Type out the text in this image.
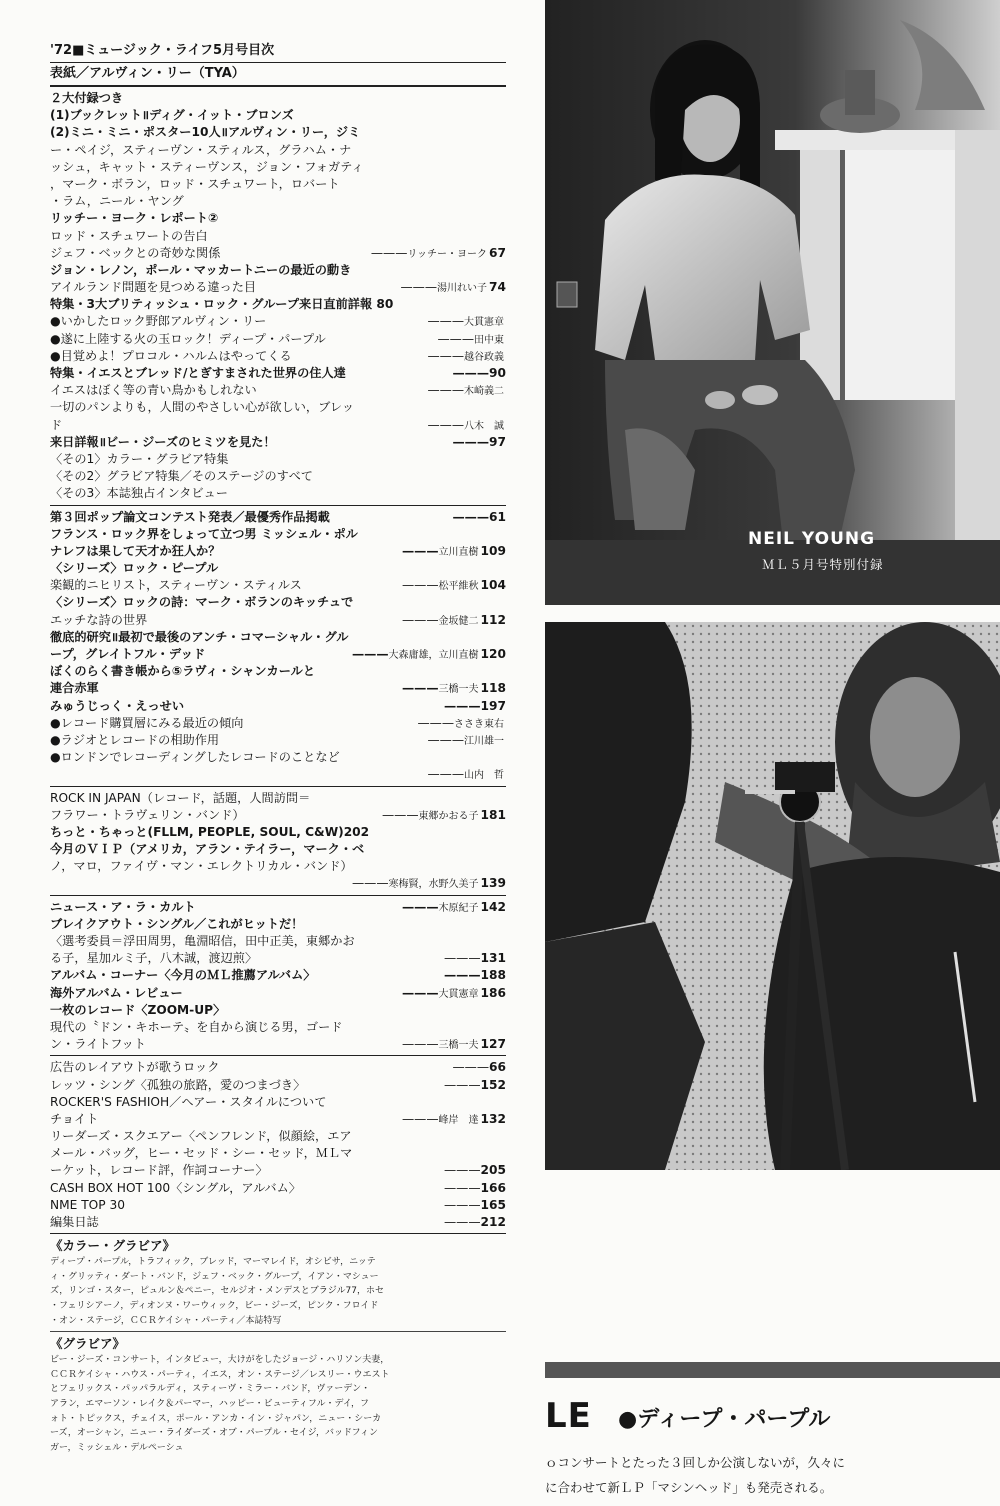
'72■ミュージック・ライフ5月号目次
表紙／アルヴィン・リー（TYA）
２大付録つき
(1)ブックレット॥ディグ・イット・ブロンズ
(2)ミニ・ミニ・ポスター10人॥アルヴィン・リー，ジミ
ー・ペイジ，スティーヴン・スティルス，グラハム・ナ
ッシュ，キャット・スティーヴンス，ジョン・フォガティ
，マーク・ボラン，ロッド・スチュワート，ロバート
・ラム，ニール・ヤング
リッチー・ヨーク・レポート②
ロッド・スチュワートの告白
ジェフ・ベックとの奇妙な関係	———リッチー・ヨーク 67
ジョン・レノン，ポール・マッカートニーの最近の動き
アイルランド問題を見つめる違った目	———湯川れい子 74
特集・3大ブリティッシュ・ロック・グループ来日直前詳報 80
●いかしたロック野郎アルヴィン・リー	———大貫憲章
●遂に上陸する火の玉ロック！ディープ・パープル	———田中東
●目覚めよ！プロコル・ハルムはやってくる	———越谷政義
特集・イエスとブレッド/とぎすまされた世界の住人達	———90
イエスはぼく等の青い鳥かもしれない	———木崎義二
一切のパンよりも，人間のやさしい心が欲しい，ブレッ
ド	———八木　誠
来日詳報॥ビー・ジーズのヒミツを見た！	———97
〈その1〉カラー・グラビア特集
〈その2〉グラビア特集／そのステージのすべて
〈その3〉本誌独占インタビュー
第３回ポップ論文コンテスト発表／最優秀作品掲載	———61
フランス・ロック界をしょって立つ男 ミッシェル・ポル
ナレフは果して天才か狂人か？	———立川直樹 109
〈シリーズ〉ロック・ピープル
楽観的ニヒリスト，スティーヴン・スティルス	———松平維秋 104
〈シリーズ〉ロックの詩：マーク・ボランのキッチュで
エッチな詩の世界	———金坂健二 112
徹底的研究॥最初で最後のアンチ・コマーシャル・グル
ープ，グレイトフル・デッド	———大森庸雄，立川直樹 120
ぼくのらく書き帳から⑤ラヴィ・シャンカールと
連合赤軍	———三橋一夫 118
みゅうじっく・えっせい	———197
●レコード購買層にみる最近の傾向	———ささき東右
●ラジオとレコードの相助作用	———江川雄一
●ロンドンでレコーディングしたレコードのことなど
———山内　哲
ROCK IN JAPAN（レコード，話題，人間訪問＝
フラワー・トラヴェリン・バンド）	———東郷かおる子 181
ちっと・ちゃっと(FLLM, PEOPLE, SOUL, C&W)202
今月のＶＩＰ（アメリカ，アラン・テイラー，マーク・ベ
ノ，マロ，ファイヴ・マン・エレクトリカル・バンド）
———寒梅賢，水野久美子 139
ニュース・ア・ラ・カルト	———木原紀子 142
ブレイクアウト・シングル／これがヒットだ！
〈選考委員＝浮田周男，亀淵昭信，田中正美，東郷かお
る子，星加ルミ子，八木誠，渡辺煎〉	———131
アルバム・コーナー〈今月のＭＬ推薦アルバム〉	———188
海外アルバム・レビュー	———大貫憲章 186
一枚のレコード〈ZOOM-UP〉
現代の〝ドン・キホーテ〟を自から演じる男，ゴード
ン・ライトフット	———三橋一夫 127
広告のレイアウトが歌うロック	———66
レッツ・シング〈孤独の旅路，愛のつまづき〉	———152
ROCKER'S FASHIOH／ヘアー・スタイルについて
チョイト	———峰岸　達 132
リーダーズ・スクエアー〈ペンフレンド，似顔絵，エア
メール・バッグ，ヒー・セッド・シー・セッド，ＭＬマ
ーケット，レコード評，作詞コーナー〉	———205
CASH BOX HOT 100〈シングル，アルバム〉	———166
NME TOP 30	———165
編集日誌	———212
《カラー・グラビア》
ディープ・パープル，トラフィック，ブレッド，マーマレイド，オシビサ，ニッテ
ィ・グリッティ・ダート・バンド，ジェフ・ベック・グループ，イアン・マシュー
ズ，リンゴ・スター，ピュルン＆ペニー，セルジオ・メンデスとブラジル77，ホセ
・フェリシアーノ，ディオンヌ・ワーウィック，ビー・ジーズ，ピンク・フロイド
・オン・ステージ，ＣＣＲケイシャ・パーティ／本誌特写
《グラビア》
ビー・ジーズ・コンサート，インタビュー，大けがをしたジョージ・ハリソン夫妻，
ＣＣＲケイシャ・ハウス・パーティ，イエス，オン・ステージ／レスリー・ウエスト
とフェリックス・パッパラルディ，スティーヴ・ミラー・バンド，ヴァーデン・
アラン，エマーソン・レイク＆パーマー，ハッピー・ビューティフル・デイ，フ
ォト・トピックス，チェイス，ポール・アンカ・イン・ジャパン，ニュー・シーカ
ーズ，オーシャン，ニュー・ライダーズ・オブ・パープル・セイジ，バッドフィン
ガー，ミッシェル・デルペーシュ
NEIL YOUNG
ＭＬ５月号特別付録
LE ●ディープ・パープル
ｏコンサートとたった３回しか公演しないが，久々に
に合わせて新ＬＰ「マシンヘッド」も発売される。
